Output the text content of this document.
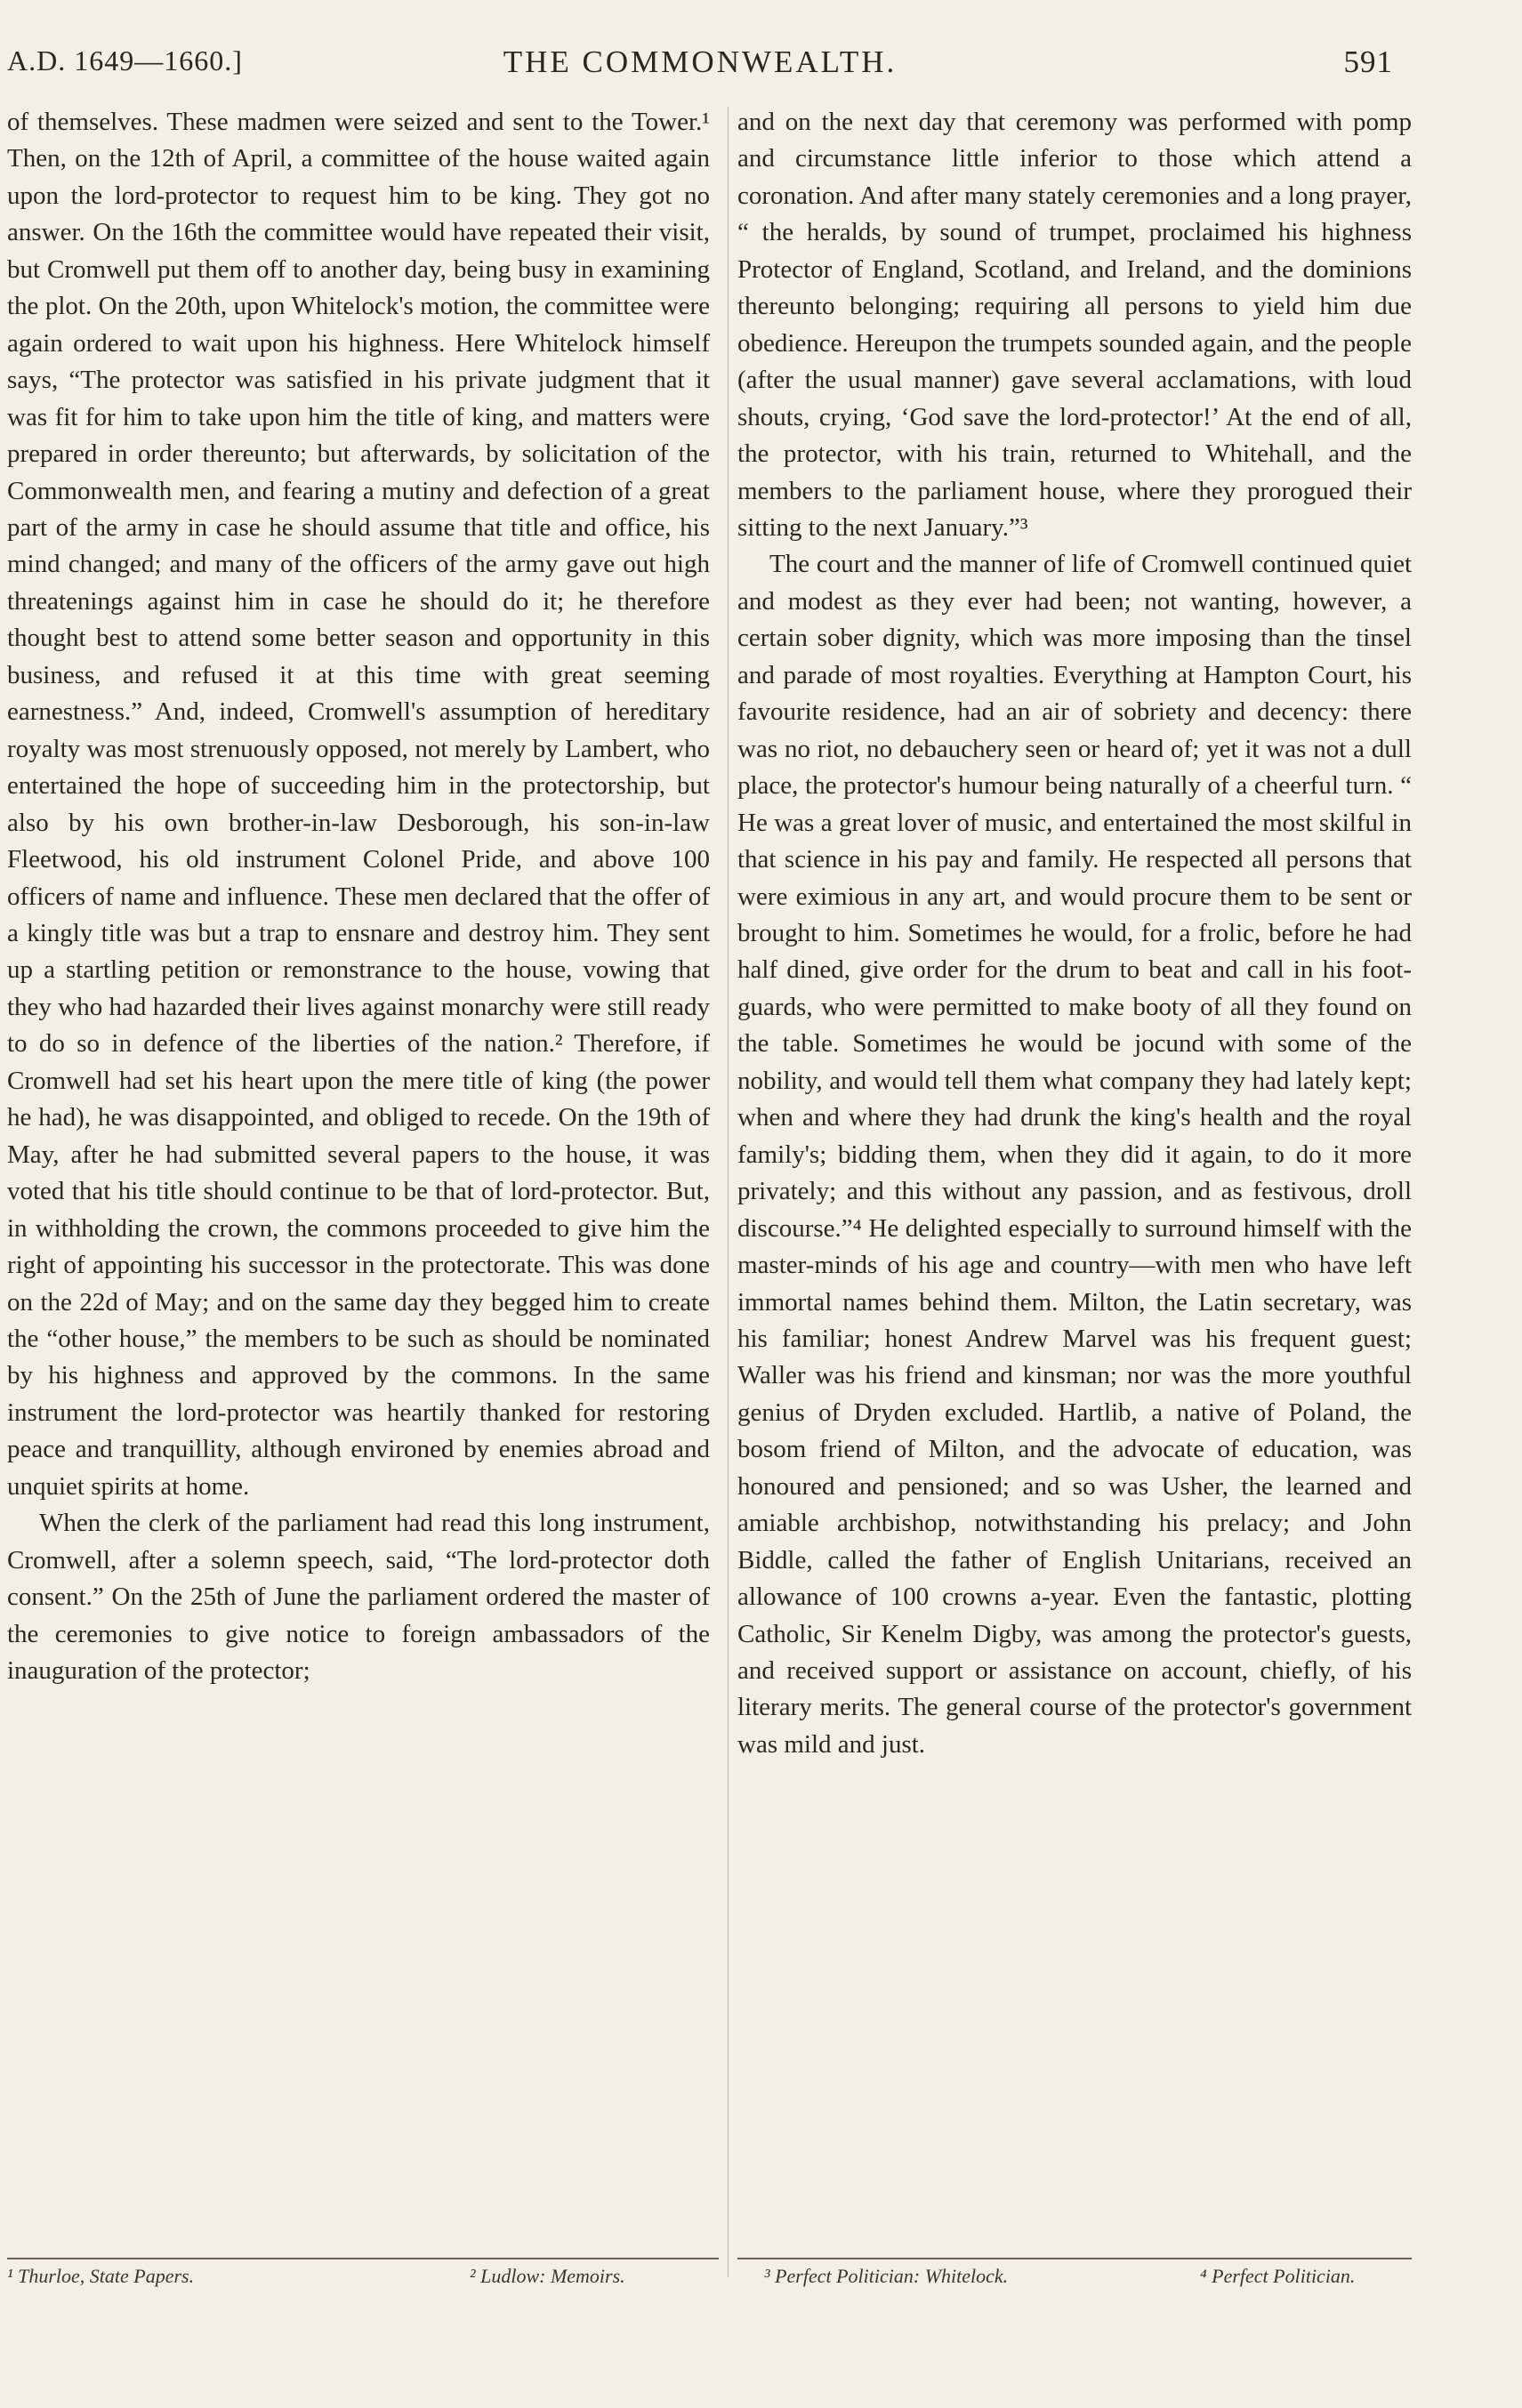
A.D. 1649—1660.]	THE COMMONWEALTH.	591

of themselves. These madmen were seized and sent to the Tower.¹ Then, on the 12th of April, a committee of the house waited again upon the lord-protector to request him to be king. They got no answer. On the 16th the committee would have repeated their visit, but Cromwell put them off to another day, being busy in examining the plot. On the 20th, upon Whitelock's motion, the committee were again ordered to wait upon his highness. Here Whitelock himself says, “The protector was satisfied in his private judgment that it was fit for him to take upon him the title of king, and matters were prepared in order thereunto; but afterwards, by solicitation of the Commonwealth men, and fearing a mutiny and defection of a great part of the army in case he should assume that title and office, his mind changed; and many of the officers of the army gave out high threatenings against him in case he should do it; he therefore thought best to attend some better season and opportunity in this business, and refused it at this time with great seeming earnestness.” And, indeed, Cromwell's assumption of hereditary royalty was most strenuously opposed, not merely by Lambert, who entertained the hope of succeeding him in the protectorship, but also by his own brother-in-law Desborough, his son-in-law Fleetwood, his old instrument Colonel Pride, and above 100 officers of name and influence. These men declared that the offer of a kingly title was but a trap to ensnare and destroy him. They sent up a startling petition or remonstrance to the house, vowing that they who had hazarded their lives against monarchy were still ready to do so in defence of the liberties of the nation.² Therefore, if Cromwell had set his heart upon the mere title of king (the power he had), he was disappointed, and obliged to recede. On the 19th of May, after he had submitted several papers to the house, it was voted that his title should continue to be that of lord-protector. But, in withholding the crown, the commons proceeded to give him the right of appointing his successor in the protectorate. This was done on the 22d of May; and on the same day they begged him to create the “other house,” the members to be such as should be nominated by his highness and approved by the commons. In the same instrument the lord-protector was heartily thanked for restoring peace and tranquillity, although environed by enemies abroad and unquiet spirits at home.

When the clerk of the parliament had read this long instrument, Cromwell, after a solemn speech, said, “The lord-protector doth consent.” On the 25th of June the parliament ordered the master of the ceremonies to give notice to foreign ambassadors of the inauguration of the protector;

and on the next day that ceremony was performed with pomp and circumstance little inferior to those which attend a coronation. And after many stately ceremonies and a long prayer, “ the heralds, by sound of trumpet, proclaimed his highness Protector of England, Scotland, and Ireland, and the dominions thereunto belonging; requiring all persons to yield him due obedience. Hereupon the trumpets sounded again, and the people (after the usual manner) gave several acclamations, with loud shouts, crying, ‘God save the lord-protector!’ At the end of all, the protector, with his train, returned to Whitehall, and the members to the parliament house, where they prorogued their sitting to the next January.”³

The court and the manner of life of Cromwell continued quiet and modest as they ever had been; not wanting, however, a certain sober dignity, which was more imposing than the tinsel and parade of most royalties. Everything at Hampton Court, his favourite residence, had an air of sobriety and decency: there was no riot, no debauchery seen or heard of; yet it was not a dull place, the protector's humour being naturally of a cheerful turn. “ He was a great lover of music, and entertained the most skilful in that science in his pay and family. He respected all persons that were eximious in any art, and would procure them to be sent or brought to him. Sometimes he would, for a frolic, before he had half dined, give order for the drum to beat and call in his foot-guards, who were permitted to make booty of all they found on the table. Sometimes he would be jocund with some of the nobility, and would tell them what company they had lately kept; when and where they had drunk the king's health and the royal family's; bidding them, when they did it again, to do it more privately; and this without any passion, and as festivous, droll discourse.”⁴ He delighted especially to surround himself with the master-minds of his age and country—with men who have left immortal names behind them. Milton, the Latin secretary, was his familiar; honest Andrew Marvel was his frequent guest; Waller was his friend and kinsman; nor was the more youthful genius of Dryden excluded. Hartlib, a native of Poland, the bosom friend of Milton, and the advocate of education, was honoured and pensioned; and so was Usher, the learned and amiable archbishop, notwithstanding his prelacy; and John Biddle, called the father of English Unitarians, received an allowance of 100 crowns a-year. Even the fantastic, plotting Catholic, Sir Kenelm Digby, was among the protector's guests, and received support or assistance on account, chiefly, of his literary merits. The general course of the protector's government was mild and just.

¹ Thurloe, State Papers.	² Ludlow: Memoirs.	³ Perfect Politician: Whitelock.	⁴ Perfect Politician.
